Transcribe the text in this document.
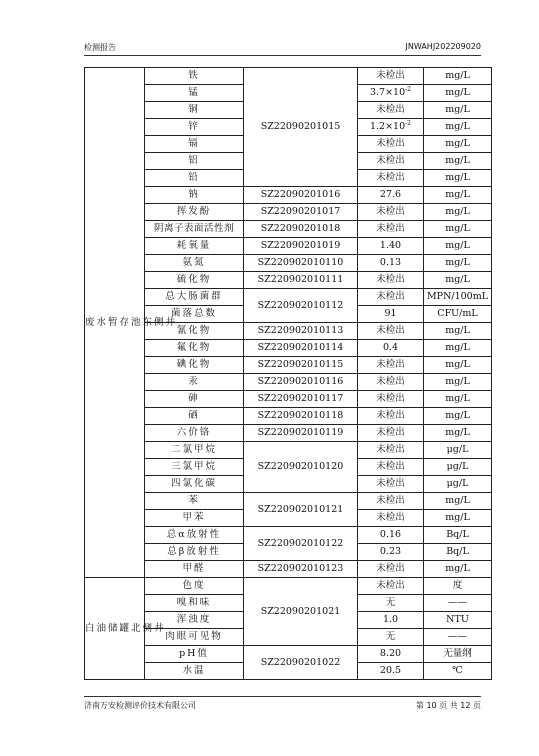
检测报告	JNWAHJ202209020
废水暂存池东侧井	铁	SZ22090201015	未检出	mg/L
	锰		$3.7\times 10^{-2}$	mg/L
	铜		未检出	mg/L
	锌		$1.2\times 10^{-2}$	mg/L
	镉		未检出	mg/L
	铝		未检出	mg/L
	铅		未检出	mg/L
	钠	SZ22090201016	27.6	mg/L
	挥发酚	SZ22090201017	未检出	mg/L
	阴离子表面活性剂	SZ22090201018	未检出	mg/L
	耗氧量	SZ22090201019	1.40	mg/L
	氨氮	SZ220902010110	0.13	mg/L
	硫化物	SZ220902010111	未检出	mg/L
	总大肠菌群	SZ220902010112	未检出	MPN/100mL
	菌落总数		91	CFU/mL
	氰化物	SZ220902010113	未检出	mg/L
	氟化物	SZ220902010114	0.4	mg/L
	碘化物	SZ220902010115	未检出	mg/L
	汞	SZ220902010116	未检出	mg/L
	砷	SZ220902010117	未检出	mg/L
	硒	SZ220902010118	未检出	mg/L
	六价铬	SZ220902010119	未检出	mg/L
	二氯甲烷	SZ220902010120	未检出	μg/L
	三氯甲烷		未检出	μg/L
	四氯化碳		未检出	μg/L
	苯	SZ220902010121	未检出	mg/L
	甲苯		未检出	mg/L
	总α放射性	SZ220902010122	0.16	Bq/L
	总β放射性		0.23	Bq/L
	甲醛	SZ220902010123	未检出	mg/L
白油储罐北侧井	色度	SZ22090201021	未检出	度
	嗅和味		无	——
	浑浊度		1.0	NTU
	肉眼可见物		无	——
	pH值	SZ22090201022	8.20	无量纲
	水温		20.5	℃
济南万安检测评价技术有限公司	第 10 页 共 12 页
